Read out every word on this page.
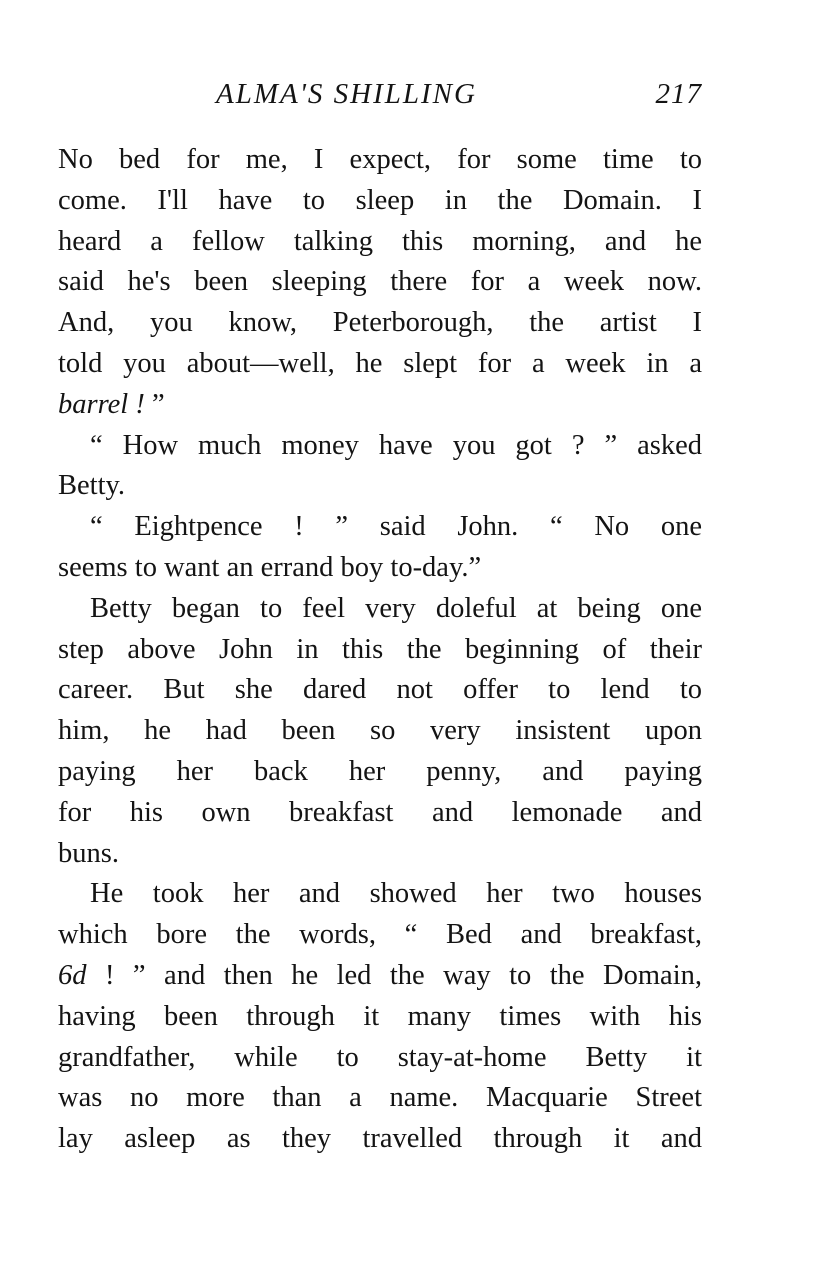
ALMA'S SHILLING	217
No bed for me, I expect, for some time to
come. I'll have to sleep in the Domain. I
heard a fellow talking this morning, and he
said he's been sleeping there for a week now.
And, you know, Peterborough, the artist I
told you about—well, he slept for a week in a
barrel ! ”
“ How much money have you got ? ” asked
Betty.
“ Eightpence ! ” said John. “ No one
seems to want an errand boy to-day.”
Betty began to feel very doleful at being one
step above John in this the beginning of their
career. But she dared not offer to lend to
him, he had been so very insistent upon
paying her back her penny, and paying
for his own breakfast and lemonade and
buns.
He took her and showed her two houses
which bore the words, “ Bed and breakfast,
6d ! ” and then he led the way to the Domain,
having been through it many times with his
grandfather, while to stay-at-home Betty it
was no more than a name. Macquarie Street
lay asleep as they travelled through it and
